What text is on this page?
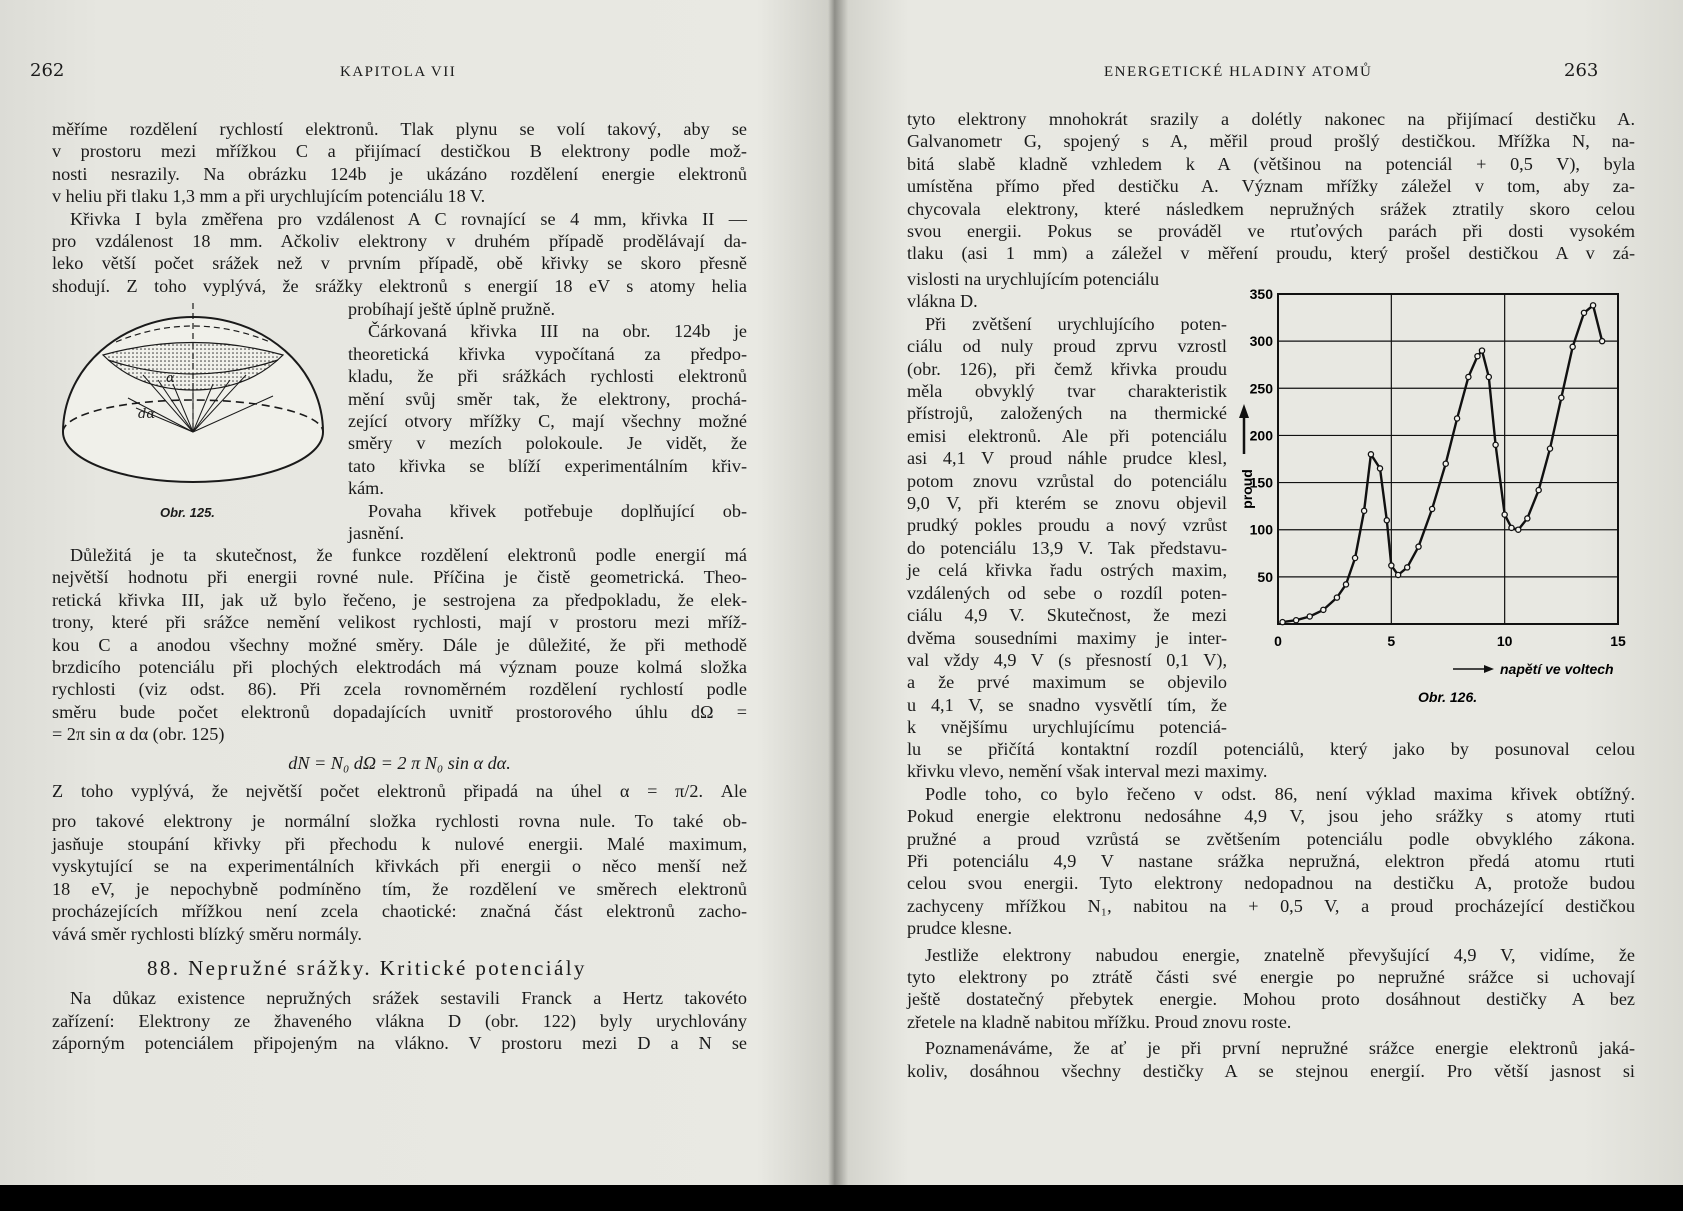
262	KAPITOLA VII
měříme rozdělení rychlostí elektronů. Tlak plynu se volí takový, aby se
v prostoru mezi mřížkou C a přijímací destičkou B elektrony podle mož-
nosti nesrazily. Na obrázku 124b je ukázáno rozdělení energie elektronů
v heliu při tlaku 1,3 mm a při urychlujícím potenciálu 18 V.
Křivka I byla změřena pro vzdálenost A C rovnající se 4 mm, křivka II —
pro vzdálenost 18 mm. Ačkoliv elektrony v druhém případě prodělávají da-
leko větší počet srážek než v prvním případě, obě křivky se skoro přesně
shodují. Z toho vyplývá, že srážky elektronů s energií 18 eV s atomy helia
α
dα
Obr. 125.
probíhají ještě úplně pružně.
Čárkovaná křivka III na obr. 124b je
theoretická křivka vypočítaná za předpo-
kladu, že při srážkách rychlosti elektronů
mění svůj směr tak, že elektrony, prochá-
zející otvory mřížky C, mají všechny možné
směry v mezích polokoule. Je vidět, že
tato křivka se blíží experimentálním křiv-
kám.
Povaha křivek potřebuje doplňující ob-
jasnění.
Důležitá je ta skutečnost, že funkce rozdělení elektronů podle energií má
největší hodnotu při energii rovné nule. Příčina je čistě geometrická. Theo-
retická křivka III, jak už bylo řečeno, je sestrojena za předpokladu, že elek-
trony, které při srážce nemění velikost rychlosti, mají v prostoru mezi mříž-
kou C a anodou všechny možné směry. Dále je důležité, že při methodě
brzdicího potenciálu při plochých elektrodách má význam pouze kolmá složka
rychlosti (viz odst. 86). Při zcela rovnoměrném rozdělení rychlostí podle
směru bude počet elektronů dopadajících uvnitř prostorového úhlu dΩ =
= 2π sin α dα (obr. 125)
dN = N₀ dΩ = 2 π N₀ sin α dα.
Z toho vyplývá, že největší počet elektronů připadá na úhel α = π/2. Ale
pro takové elektrony je normální složka rychlosti rovna nule. To také ob-
jasňuje stoupání křivky při přechodu k nulové energii. Malé maximum,
vyskytující se na experimentálních křivkách při energii o něco menší než
18 eV, je nepochybně podmíněno tím, že rozdělení ve směrech elektronů
procházejících mřížkou není zcela chaotické: značná část elektronů zacho-
vává směr rychlosti blízký směru normály.
88. Nepružné srážky. Kritické potenciály
Na důkaz existence nepružných srážek sestavili Franck a Hertz takovéto
zařízení: Elektrony ze žhaveného vlákna D (obr. 122) byly urychlovány
záporným potenciálem připojeným na vlákno. V prostoru mezi D a N se
ENERGETICKÉ HLADINY ATOMŮ	263
tyto elektrony mnohokrát srazily a dolétly nakonec na přijímací destičku A.
Galvanometr G, spojený s A, měřil proud prošlý destičkou. Mřížka N, na-
bitá slabě kladně vzhledem k A (většinou na potenciál + 0,5 V), byla
umístěna přímo před destičku A. Význam mřížky záležel v tom, aby za-
chycovala elektrony, které následkem nepružných srážek ztratily skoro celou
svou energii. Pokus se prováděl ve rtuťových parách při dosti vysokém
tlaku (asi 1 mm) a záležel v měření proudu, který prošel destičkou A v zá-
vislosti na urychlujícím potenciálu
vlákna D.
Při zvětšení urychlujícího poten-
ciálu od nuly proud zprvu vzrostl
(obr. 126), při čemž křivka proudu
měla obvyklý tvar charakteristik
přístrojů, založených na thermické
emisi elektronů. Ale při potenciálu
asi 4,1 V proud náhle prudce klesl,
potom znovu vzrůstal do potenciálu
9,0 V, při kterém se znovu objevil
prudký pokles proudu a nový vzrůst
do potenciálu 13,9 V. Tak představu-
je celá křivka řadu ostrých maxim,
vzdálených od sebe o rozdíl poten-
ciálu 4,9 V. Skutečnost, že mezi
dvěma sousedními maximy je inter-
val vždy 4,9 V (s přesností 0,1 V),
a že prvé maximum se objevilo
u 4,1 V, se snadno vysvětlí tím, že
k vnějšímu urychlujícímu potenciá-
50
100
150
200
250
300
350
0	5	10	15
proud
napětí ve voltech
Obr. 126.
lu se přičítá kontaktní rozdíl potenciálů, který jako by posunoval celou
křivku vlevo, nemění však interval mezi maximy.
Podle toho, co bylo řečeno v odst. 86, není výklad maxima křivek obtížný.
Pokud energie elektronu nedosáhne 4,9 V, jsou jeho srážky s atomy rtuti
pružné a proud vzrůstá se zvětšením potenciálu podle obvyklého zákona.
Při potenciálu 4,9 V nastane srážka nepružná, elektron předá atomu rtuti
celou svou energii. Tyto elektrony nedopadnou na destičku A, protože budou
zachyceny mřížkou N₁, nabitou na + 0,5 V, a proud procházející destičkou
prudce klesne.
Jestliže elektrony nabudou energie, znatelně převyšující 4,9 V, vidíme, že
tyto elektrony po ztrátě části své energie po nepružné srážce si uchovají
ještě dostatečný přebytek energie. Mohou proto dosáhnout destičky A bez
zřetele na kladně nabitou mřížku. Proud znovu roste.
Poznamenáváme, že ať je při první nepružné srážce energie elektronů jaká-
koliv, dosáhnou všechny destičky A se stejnou energií. Pro větší jasnost si
